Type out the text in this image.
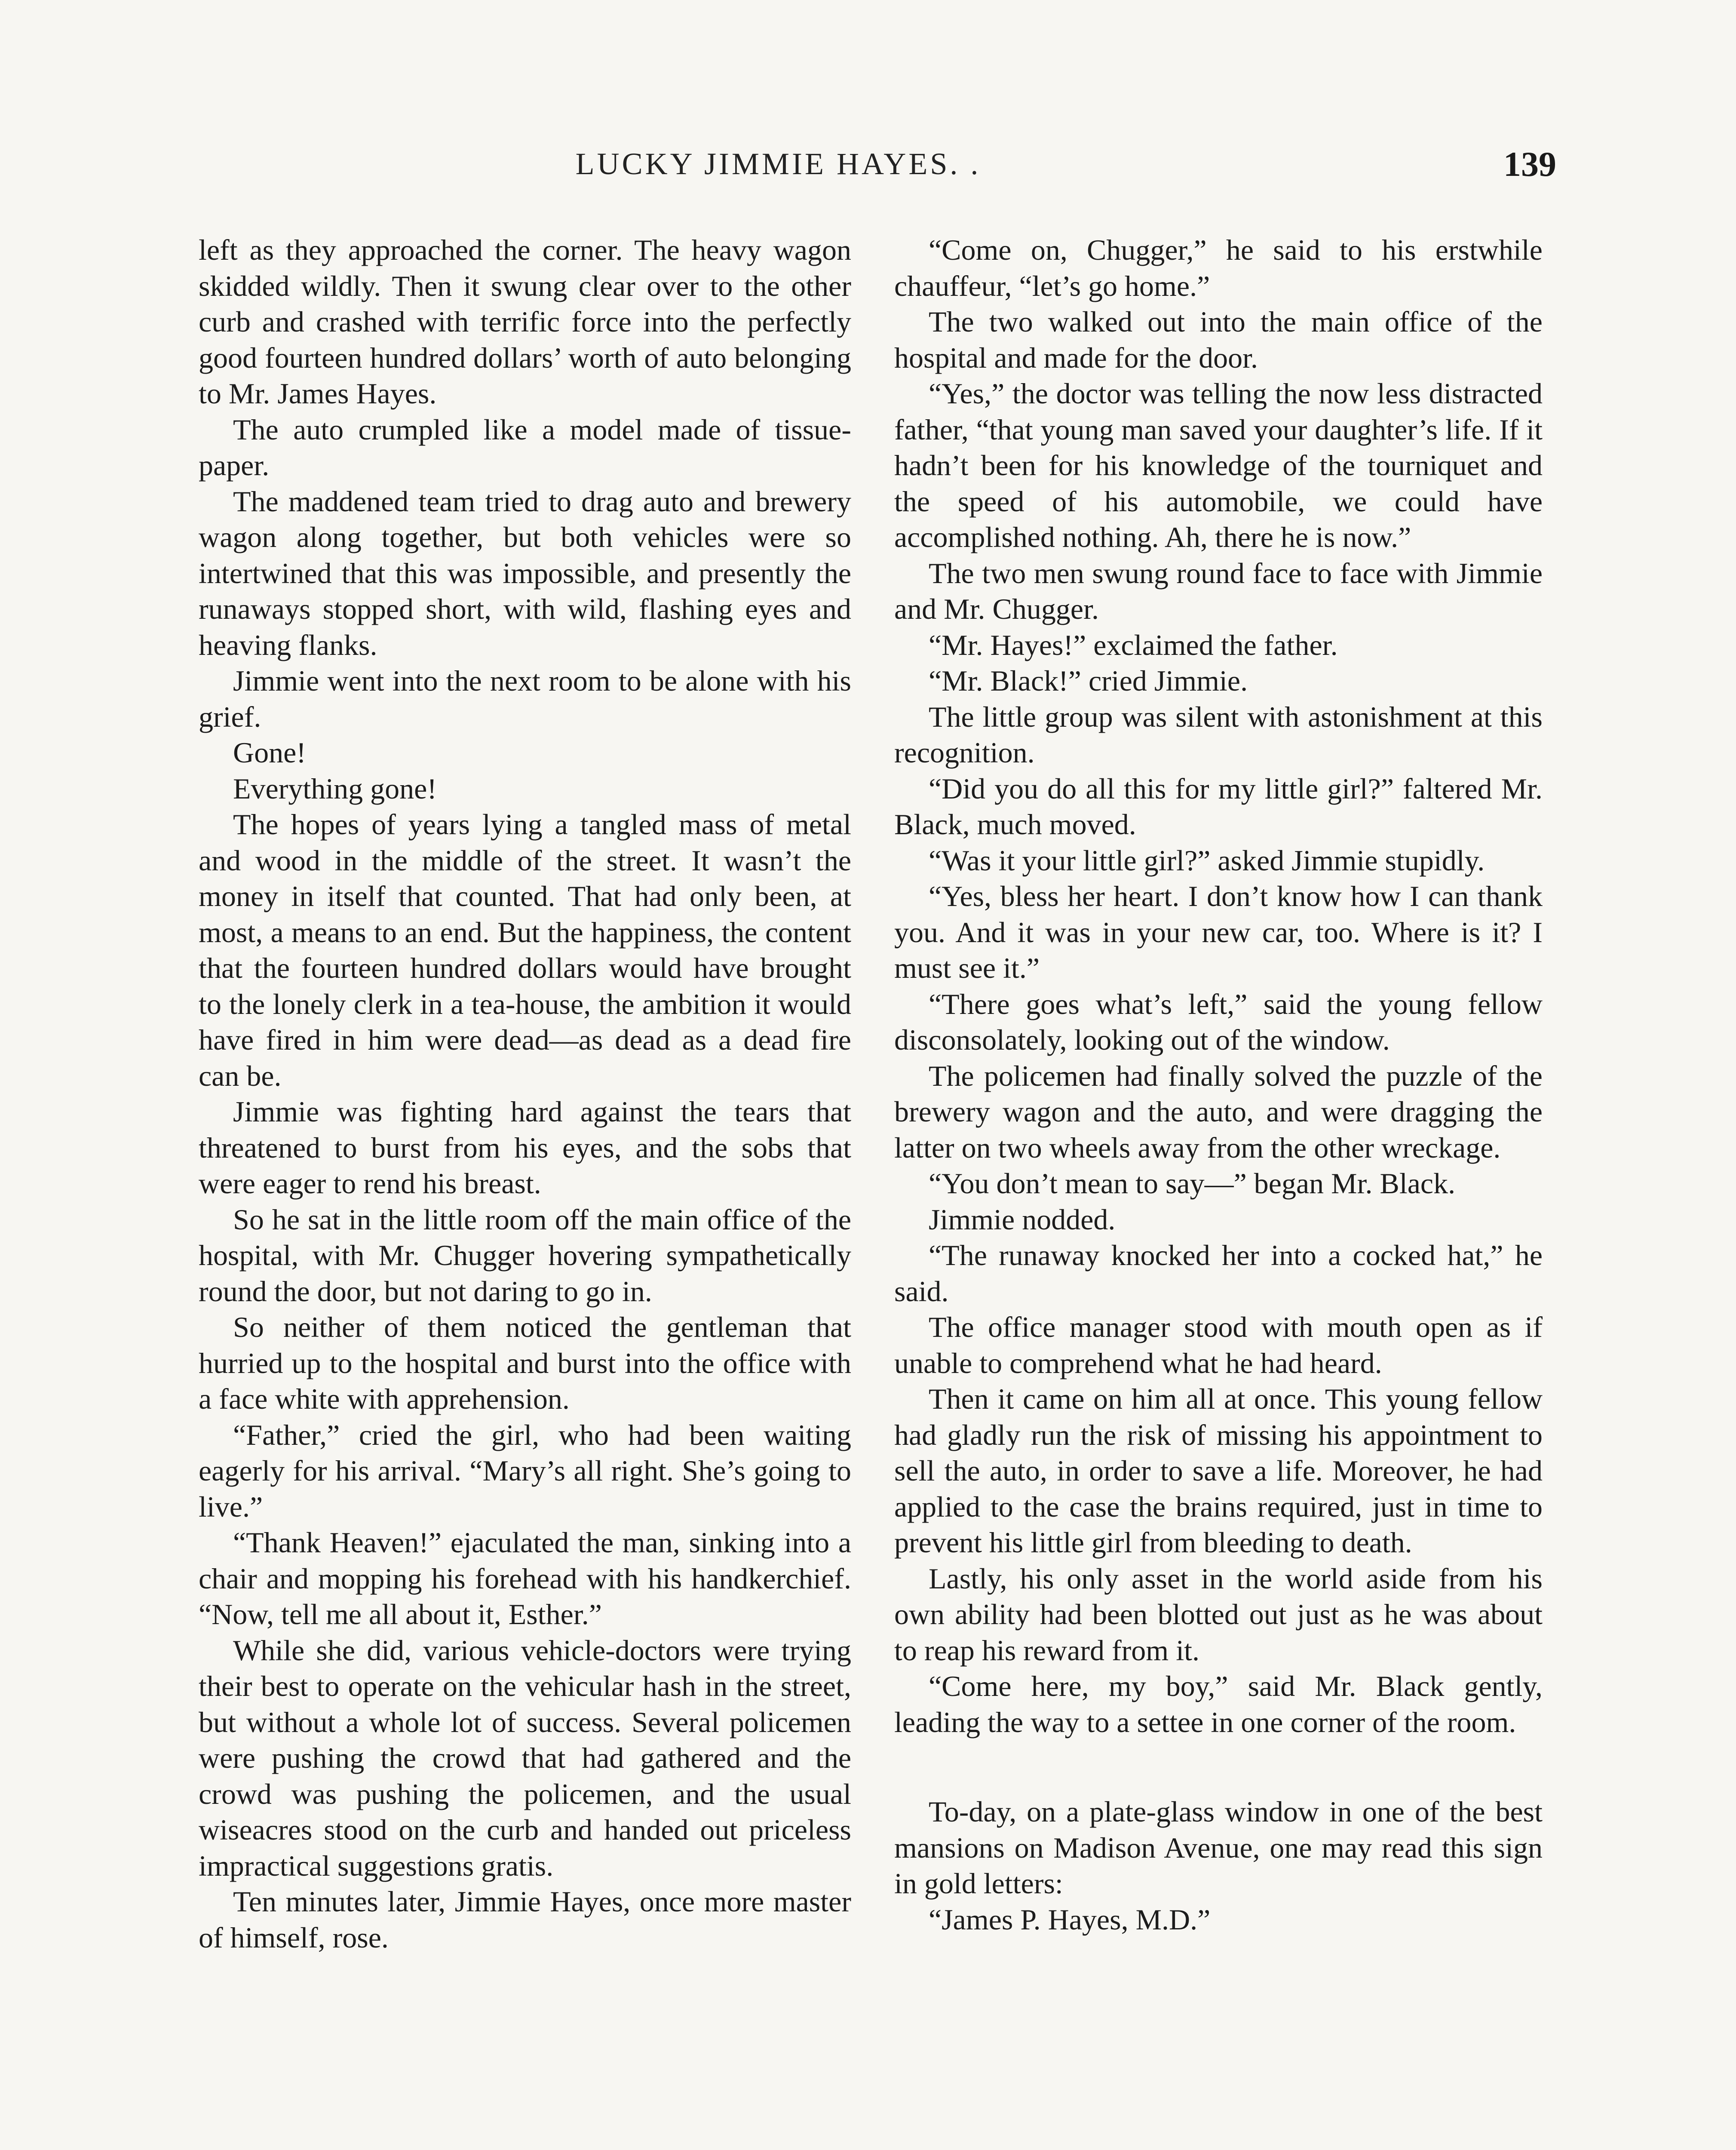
LUCKY JIMMIE HAYES. .	139

left as they approached the corner. The heavy wagon skidded wildly. Then it swung clear over to the other curb and crashed with terrific force into the perfectly good fourteen hundred dollars’ worth of auto belonging to Mr. James Hayes.

The auto crumpled like a model made of tissue-paper.

The maddened team tried to drag auto and brewery wagon along together, but both vehicles were so intertwined that this was impossible, and presently the runaways stopped short, with wild, flashing eyes and heaving flanks.

Jimmie went into the next room to be alone with his grief.

Gone!

Everything gone!

The hopes of years lying a tangled mass of metal and wood in the middle of the street. It wasn’t the money in itself that counted. That had only been, at most, a means to an end. But the happiness, the content that the fourteen hundred dollars would have brought to the lonely clerk in a tea-house, the ambition it would have fired in him were dead—as dead as a dead fire can be.

Jimmie was fighting hard against the tears that threatened to burst from his eyes, and the sobs that were eager to rend his breast.

So he sat in the little room off the main office of the hospital, with Mr. Chugger hovering sympathetically round the door, but not daring to go in.

So neither of them noticed the gentleman that hurried up to the hospital and burst into the office with a face white with apprehension.

“Father,” cried the girl, who had been waiting eagerly for his arrival. “Mary’s all right. She’s going to live.”

“Thank Heaven!” ejaculated the man, sinking into a chair and mopping his forehead with his handkerchief. “Now, tell me all about it, Esther.”

While she did, various vehicle-doctors were trying their best to operate on the vehicular hash in the street, but without a whole lot of success. Several policemen were pushing the crowd that had gathered and the crowd was pushing the policemen, and the usual wiseacres stood on the curb and handed out priceless impractical suggestions gratis.

Ten minutes later, Jimmie Hayes, once more master of himself, rose.

“Come on, Chugger,” he said to his erstwhile chauffeur, “let’s go home.”

The two walked out into the main office of the hospital and made for the door.

“Yes,” the doctor was telling the now less distracted father, “that young man saved your daughter’s life. If it hadn’t been for his knowledge of the tourniquet and the speed of his automobile, we could have accomplished nothing. Ah, there he is now.”

The two men swung round face to face with Jimmie and Mr. Chugger.

“Mr. Hayes!” exclaimed the father.

“Mr. Black!” cried Jimmie.

The little group was silent with astonishment at this recognition.

“Did you do all this for my little girl?” faltered Mr. Black, much moved.

“Was it your little girl?” asked Jimmie stupidly.

“Yes, bless her heart. I don’t know how I can thank you. And it was in your new car, too. Where is it? I must see it.”

“There goes what’s left,” said the young fellow disconsolately, looking out of the window.

The policemen had finally solved the puzzle of the brewery wagon and the auto, and were dragging the latter on two wheels away from the other wreckage.

“You don’t mean to say—” began Mr. Black.

Jimmie nodded.

“The runaway knocked her into a cocked hat,” he said.

The office manager stood with mouth open as if unable to comprehend what he had heard.

Then it came on him all at once. This young fellow had gladly run the risk of missing his appointment to sell the auto, in order to save a life. Moreover, he had applied to the case the brains required, just in time to prevent his little girl from bleeding to death.

Lastly, his only asset in the world aside from his own ability had been blotted out just as he was about to reap his reward from it.

“Come here, my boy,” said Mr. Black gently, leading the way to a settee in one corner of the room.

To-day, on a plate-glass window in one of the best mansions on Madison Avenue, one may read this sign in gold letters:

“James P. Hayes, M.D.”
